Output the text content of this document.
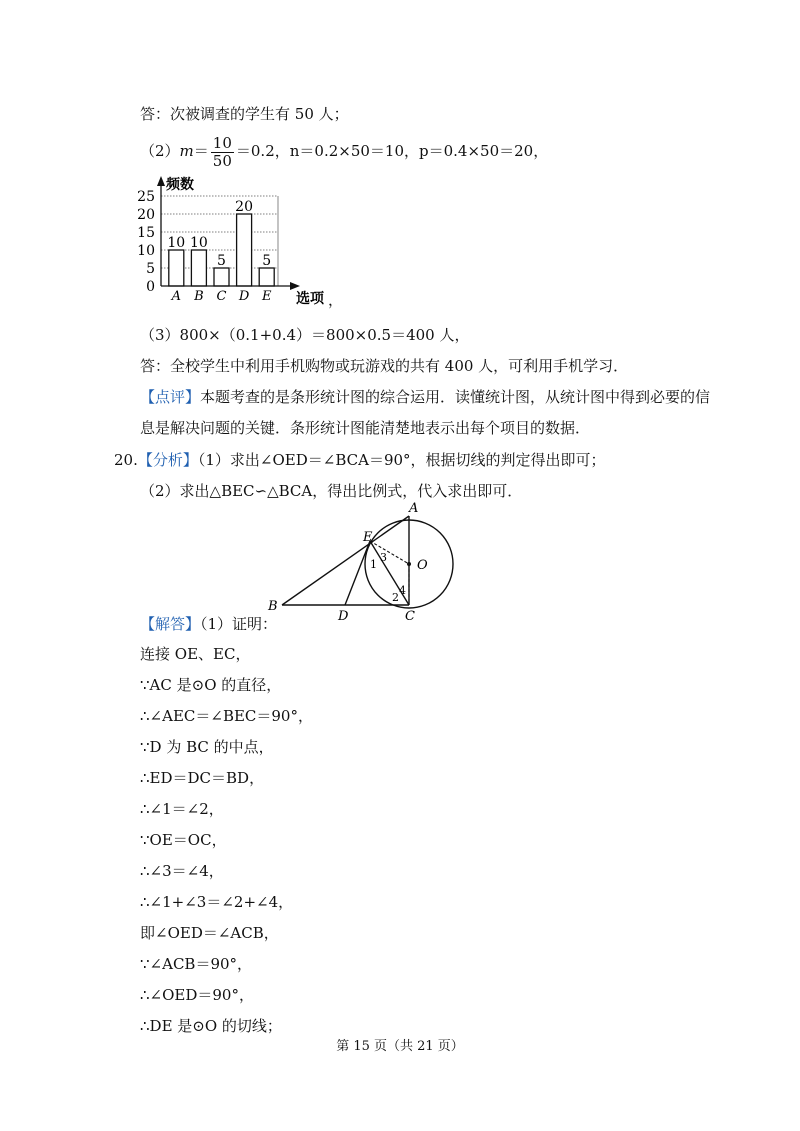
答：次被调查的学生有 50 人；
$(2)m= \frac{10}{50} =0.2$，n＝0.2×50＝10，p＝0.4×50＝20，
0
5
10
15
20
25
10
A
10
B
5
C
20
D
5
E
频数
选项 ，
（3）800×（0.1+0.4）＝800×0.5＝400 人，
答：全校学生中利用手机购物或玩游戏的共有 400 人，可利用手机学习．
【点评】本题考查的是条形统计图的综合运用．读懂统计图，从统计图中得到必要的信
息是解决问题的关键．条形统计图能清楚地表示出每个项目的数据．
20.【分析】（1）求出∠OED＝∠BCA＝90°，根据切线的判定得出即可；
（2）求出△BEC∽△BCA，得出比例式，代入求出即可．
A
B
C
D
E
O
1
2
3
4
【解答】（1）证明：
连接 OE、EC，
∵AC 是⊙O 的直径，
∴∠AEC＝∠BEC＝90°，
∵D 为 BC 的中点，
∴ED＝DC＝BD，
∴∠1＝∠2，
∵OE＝OC，
∴∠3＝∠4，
∴∠1+∠3＝∠2+∠4，
即∠OED＝∠ACB，
∵∠ACB＝90°，
∴∠OED＝90°，
∴DE 是⊙O 的切线；
第 15 页（共 21 页）
